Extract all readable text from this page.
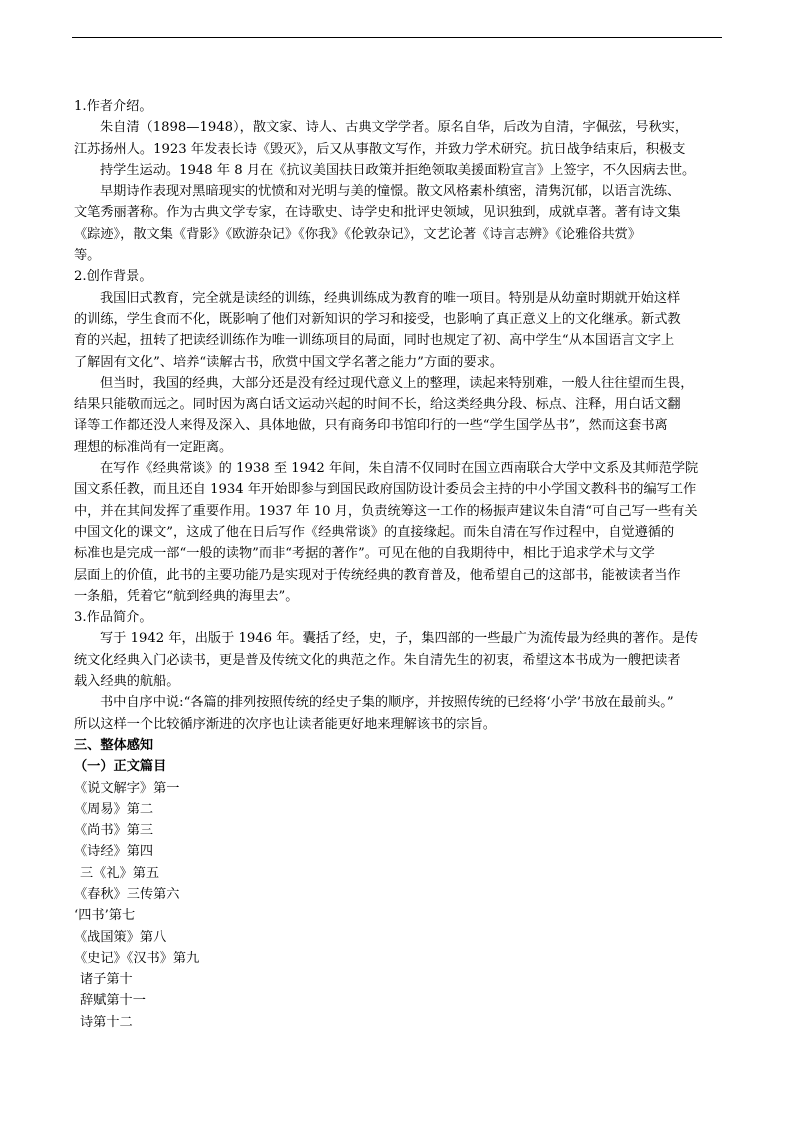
1.作者介绍。
朱自清（1898—1948），散文家、诗人、古典文学学者。原名自华，后改为自清，字佩弦，号秋实，
江苏扬州人。1923 年发表长诗《毁灭》，后又从事散文写作，并致力学术研究。抗日战争结束后，积极支
持学生运动。1948 年 8 月在《抗议美国扶日政策并拒绝领取美援面粉宣言》上签字，不久因病去世。
早期诗作表现对黑暗现实的忧愤和对光明与美的憧憬。散文风格素朴缜密，清隽沉郁，以语言洗练、
文笔秀丽著称。作为古典文学专家，在诗歌史、诗学史和批评史领域，见识独到，成就卓著。著有诗文集
《踪迹》，散文集《背影》《欧游杂记》《你我》《伦敦杂记》，文艺论著《诗言志辨》《论雅俗共赏》
等。
2.创作背景。
我国旧式教育，完全就是读经的训练，经典训练成为教育的唯一项目。特别是从幼童时期就开始这样
的训练，学生食而不化，既影响了他们对新知识的学习和接受，也影响了真正意义上的文化继承。新式教
育的兴起，扭转了把读经训练作为唯一训练项目的局面，同时也规定了初、高中学生“从本国语言文字上
了解固有文化”、培养“读解古书，欣赏中国文学名著之能力”方面的要求。
但当时，我国的经典，大部分还是没有经过现代意义上的整理，读起来特别难，一般人往往望而生畏，
结果只能敬而远之。同时因为离白话文运动兴起的时间不长，给这类经典分段、标点、注释，用白话文翻
译等工作都还没人来得及深入、具体地做，只有商务印书馆印行的一些“学生国学丛书”，然而这套书离
理想的标准尚有一定距离。
在写作《经典常谈》的 1938 至 1942 年间，朱自清不仅同时在国立西南联合大学中文系及其师范学院
国文系任教，而且还自 1934 年开始即参与到国民政府国防设计委员会主持的中小学国文教科书的编写工作
中，并在其间发挥了重要作用。1937 年 10 月，负责统筹这一工作的杨振声建议朱自清“可自己写一些有关
中国文化的课文”，这成了他在日后写作《经典常谈》的直接缘起。而朱自清在写作过程中，自觉遵循的
标准也是完成一部“一般的读物”而非“考据的著作”。可见在他的自我期待中，相比于追求学术与文学
层面上的价值，此书的主要功能乃是实现对于传统经典的教育普及，他希望自己的这部书，能被读者当作
一条船，凭着它“航到经典的海里去”。
3.作品简介。
写于 1942 年，出版于 1946 年。囊括了经，史，子，集四部的一些最广为流传最为经典的著作。是传
统文化经典入门必读书，更是普及传统文化的典范之作。朱自清先生的初衷，希望这本书成为一艘把读者
载入经典的航船。
书中自序中说:“各篇的排列按照传统的经史子集的顺序，并按照传统的已经将‘小学’书放在最前头。”
所以这样一个比较循序渐进的次序也让读者能更好地来理解该书的宗旨。
三、整体感知
（一）正文篇目
《说文解字》第一
《周易》第二
《尚书》第三
《诗经》第四
三《礼》第五
《春秋》三传第六
‘四书’第七
《战国策》第八
《史记》《汉书》第九
诸子第十
辞赋第十一
诗第十二
